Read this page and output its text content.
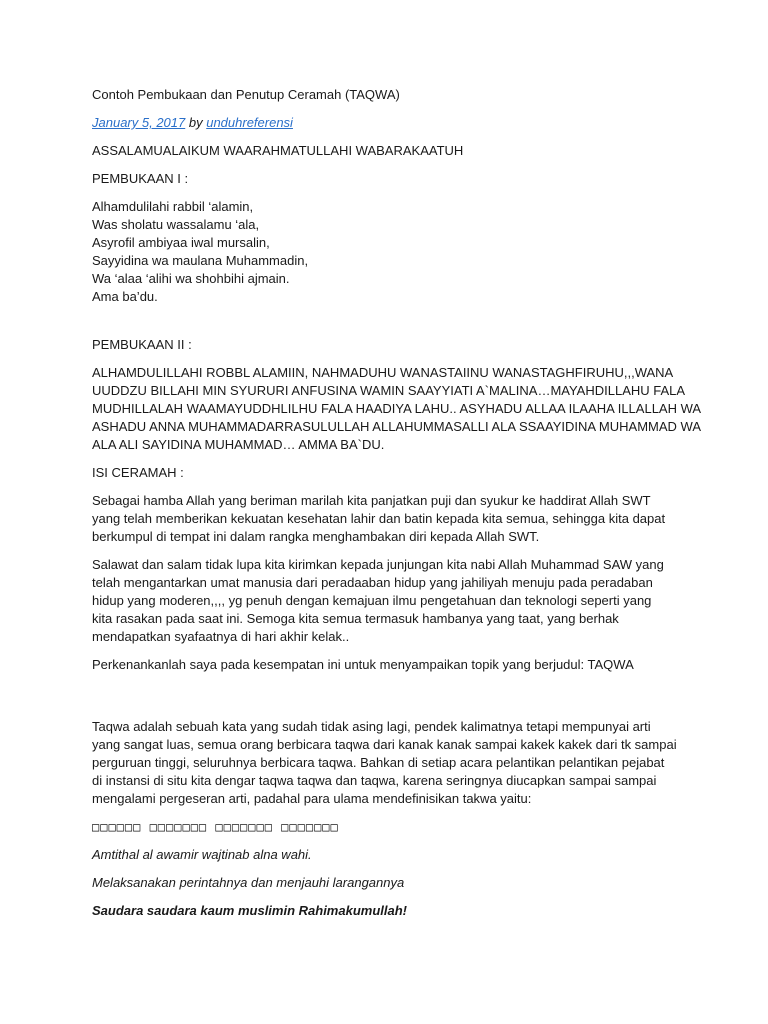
Contoh Pembukaan dan Penutup Ceramah (TAQWA)
January 5, 2017 by unduhreferensi
ASSALAMUALAIKUM WAARAHMATULLAHI WABARAKAATUH
PEMBUKAAN I :
Alhamdulilahi rabbil ‘alamin,
Was sholatu wassalamu ‘ala,
Asyrofil ambiyaa iwal mursalin,
Sayyidina wa maulana Muhammadin,
Wa ‘alaa ‘alihi wa shohbihi ajmain.
Ama ba’du.
PEMBUKAAN II :
ALHAMDULILLAHI ROBBL ALAMIIN, NAHMADUHU WANASTAIINU WANASTAGHFIRUHU,,,WANA
UUDDZU BILLAHI MIN SYURURI ANFUSINA WAMIN SAAYYIATI A`MALINA…MAYAHDILLAHU FALA
MUDHILLALAH WAAMAYUDDHLILHU FALA HAADIYA LAHU.. ASYHADU ALLAA ILAAHA ILLALLAH WA
ASHADU ANNA MUHAMMADARRASULULLAH ALLAHUMMASALLI ALA SSAAYIDINA MUHAMMAD WA
ALA ALI SAYIDINA MUHAMMAD… AMMA BA`DU.
ISI CERAMAH :
Sebagai hamba Allah yang beriman marilah kita panjatkan puji dan syukur ke haddirat Allah SWT
yang telah memberikan kekuatan kesehatan lahir dan batin kepada kita semua, sehingga kita dapat
berkumpul di tempat ini dalam rangka menghambakan diri kepada Allah SWT.
Salawat dan salam tidak lupa kita kirimkan kepada junjungan kita nabi Allah Muhammad SAW yang
telah mengantarkan umat manusia dari peradaaban hidup yang jahiliyah menuju pada peradaban
hidup yang moderen,,,, yg penuh dengan kemajuan ilmu pengetahuan dan teknologi seperti yang
kita rasakan pada saat ini. Semoga kita semua termasuk hambanya yang taat, yang berhak
mendapatkan syafaatnya di hari akhir kelak..
Perkenankanlah saya pada kesempatan ini untuk menyampaikan topik yang berjudul: TAQWA
Taqwa adalah sebuah kata yang sudah tidak asing lagi, pendek kalimatnya tetapi mempunyai arti
yang sangat luas, semua orang berbicara taqwa dari kanak kanak sampai kakek kakek dari tk sampai
perguruan tinggi, seluruhnya berbicara taqwa. Bahkan di setiap acara pelantikan pelantikan pejabat
di instansi di situ kita dengar taqwa taqwa dan taqwa, karena seringnya diucapkan sampai sampai
mengalami pergeseran arti, padahal para ulama mendefinisikan takwa yaitu:
□□□□□□ □□□□□□□ □□□□□□□ □□□□□□□
Amtithal al awamir wajtinab alna wahi.
Melaksanakan perintahnya dan menjauhi larangannya
Saudara saudara kaum muslimin Rahimakumullah!
